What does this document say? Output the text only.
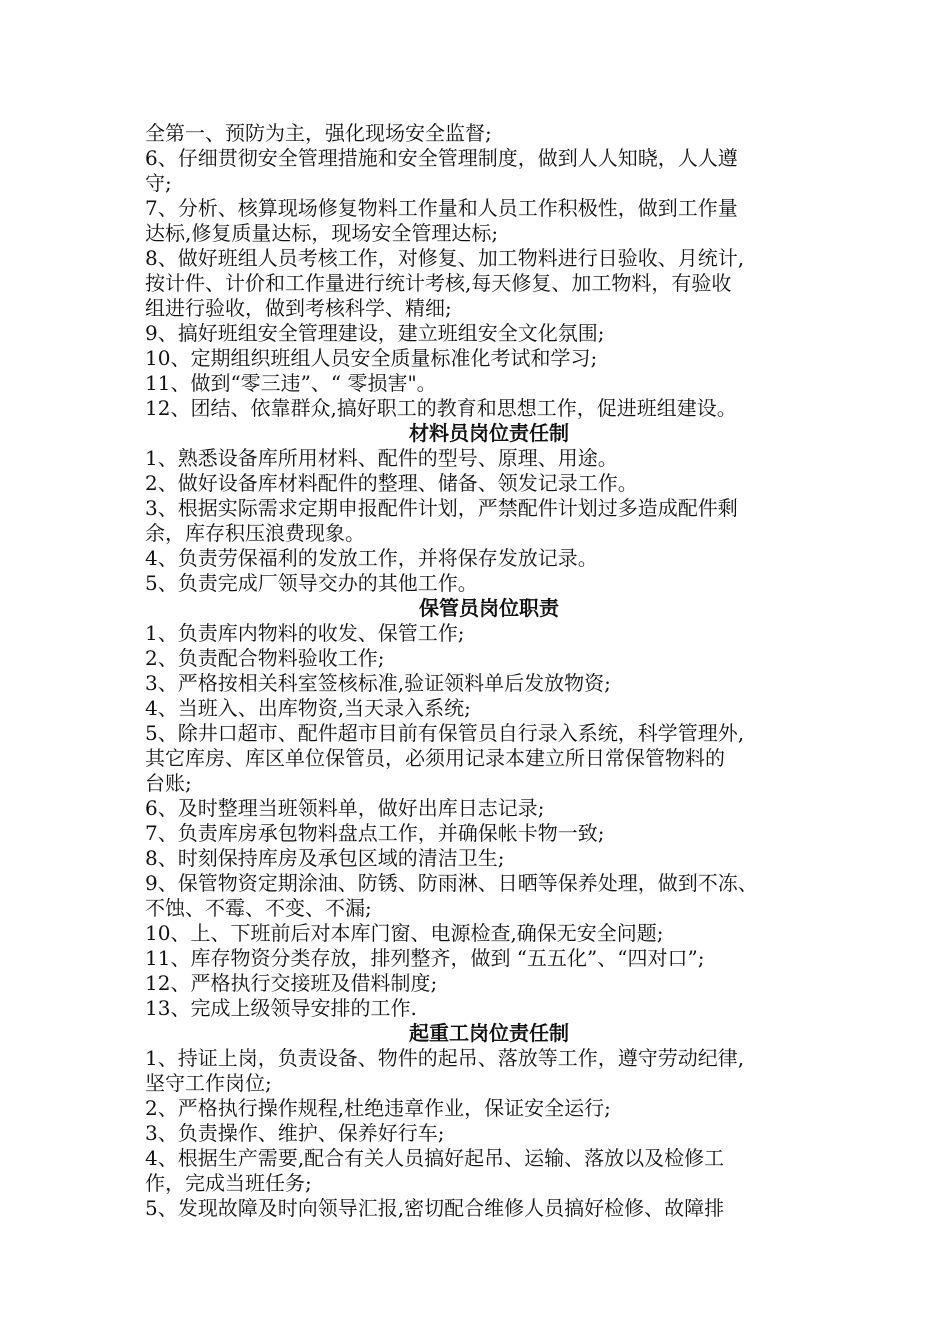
全第一、预防为主，强化现场安全监督;
6、仔细贯彻安全管理措施和安全管理制度，做到人人知晓，人人遵
守;
7、分析、核算现场修复物料工作量和人员工作积极性，做到工作量
达标,修复质量达标，现场安全管理达标;
8、做好班组人员考核工作，对修复、加工物料进行日验收、月统计,
按计件、计价和工作量进行统计考核,每天修复、加工物料，有验收
组进行验收，做到考核科学、精细;
9、搞好班组安全管理建设，建立班组安全文化氛围;
10、定期组织班组人员安全质量标准化考试和学习;
11、做到“零三违”、“ 零损害"。
12、团结、依靠群众,搞好职工的教育和思想工作，促进班组建设。
材料员岗位责任制
1、熟悉设备库所用材料、配件的型号、原理、用途。
2、做好设备库材料配件的整理、储备、领发记录工作。
3、根据实际需求定期申报配件计划，严禁配件计划过多造成配件剩
余，库存积压浪费现象。
4、负责劳保福利的发放工作，并将保存发放记录。
5、负责完成厂领导交办的其他工作。
保管员岗位职责
1、负责库内物料的收发、保管工作;
2、负责配合物料验收工作;
3、严格按相关科室签核标准,验证领料单后发放物资;
4、当班入、出库物资,当天录入系统;
5、除井口超市、配件超市目前有保管员自行录入系统，科学管理外,
其它库房、库区单位保管员，必须用记录本建立所日常保管物料的
台账;
6、及时整理当班领料单，做好出库日志记录;
7、负责库房承包物料盘点工作，并确保帐卡物一致;
8、时刻保持库房及承包区域的清洁卫生;
9、保管物资定期涂油、防锈、防雨淋、日晒等保养处理，做到不冻、
不蚀、不霉、不变、不漏;
10、上、下班前后对本库门窗、电源检查,确保无安全问题;
11、库存物资分类存放，排列整齐，做到 “五五化”、“四对口”;
12、严格执行交接班及借料制度;
13、完成上级领导安排的工作.
起重工岗位责任制
1、持证上岗，负责设备、物件的起吊、落放等工作，遵守劳动纪律,
坚守工作岗位;
2、严格执行操作规程,杜绝违章作业，保证安全运行;
3、负责操作、维护、保养好行车;
4、根据生产需要,配合有关人员搞好起吊、运输、落放以及检修工
作，完成当班任务;
5、发现故障及时向领导汇报,密切配合维修人员搞好检修、故障排
